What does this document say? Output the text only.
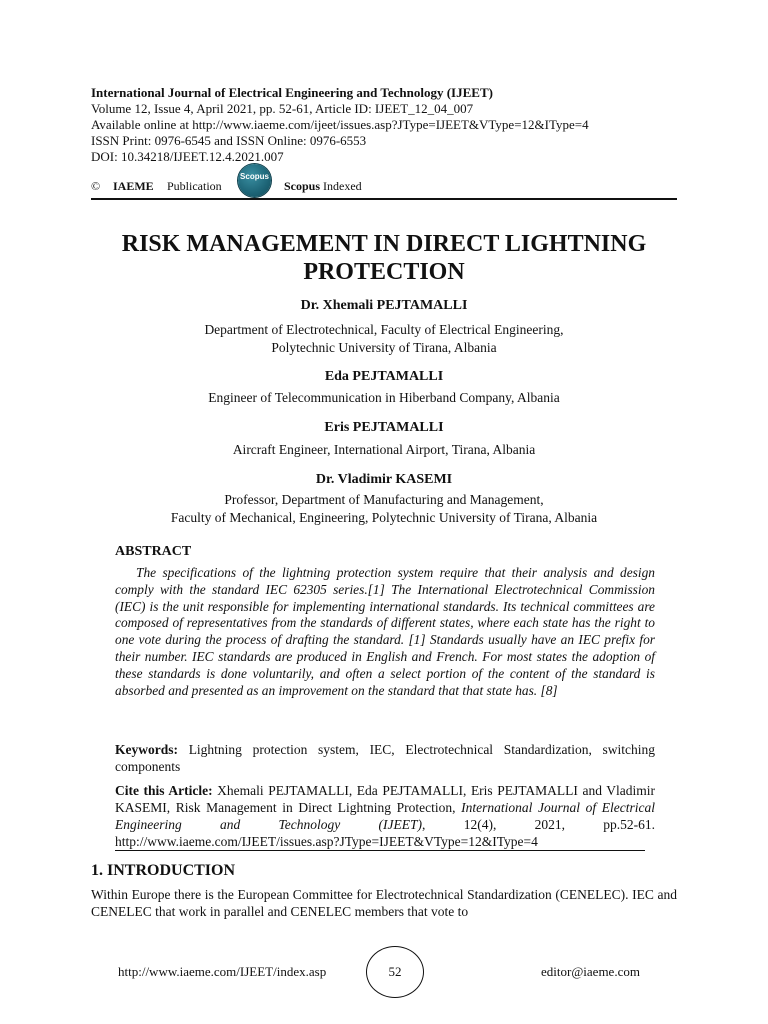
International Journal of Electrical Engineering and Technology (IJEET)
Volume 12, Issue 4, April 2021, pp. 52-61, Article ID: IJEET_12_04_007
Available online at http://www.iaeme.com/ijeet/issues.asp?JType=IJEET&VType=12&IType=4
ISSN Print: 0976-6545 and ISSN Online: 0976-6553
DOI: 10.34218/IJEET.12.4.2021.007
© IAEME Publication
Scopus
Scopus Indexed
RISK MANAGEMENT IN DIRECT LIGHTNING PROTECTION
Dr. Xhemali PEJTAMALLI
Department of Electrotechnical, Faculty of Electrical Engineering,
Polytechnic University of Tirana, Albania
Eda PEJTAMALLI
Engineer of Telecommunication in Hiberband Company, Albania
Eris PEJTAMALLI
Aircraft Engineer, International Airport, Tirana, Albania
Dr. Vladimir KASEMI
Professor, Department of Manufacturing and Management,
Faculty of Mechanical, Engineering, Polytechnic University of Tirana, Albania
ABSTRACT
The specifications of the lightning protection system require that their analysis and design comply with the standard IEC 62305 series.[1] The International Electrotechnical Commission (IEC) is the unit responsible for implementing international standards. Its technical committees are composed of representatives from the standards of different states, where each state has the right to one vote during the process of drafting the standard. [1] Standards usually have an IEC prefix for their number. IEC standards are produced in English and French. For most states the adoption of these standards is done voluntarily, and often a select portion of the content of the standard is absorbed and presented as an improvement on the standard that that state has. [8]
Keywords: Lightning protection system, IEC, Electrotechnical Standardization, switching components
Cite this Article: Xhemali PEJTAMALLI, Eda PEJTAMALLI, Eris PEJTAMALLI and Vladimir KASEMI, Risk Management in Direct Lightning Protection, International Journal of Electrical Engineering and Technology (IJEET), 12(4), 2021, pp.52-61. http://www.iaeme.com/IJEET/issues.asp?JType=IJEET&VType=12&IType=4
1. INTRODUCTION
Within Europe there is the European Committee for Electrotechnical Standardization (CENELEC). IEC and CENELEC that work in parallel and CENELEC members that vote to
http://www.iaeme.com/IJEET/index.asp	52	editor@iaeme.com
